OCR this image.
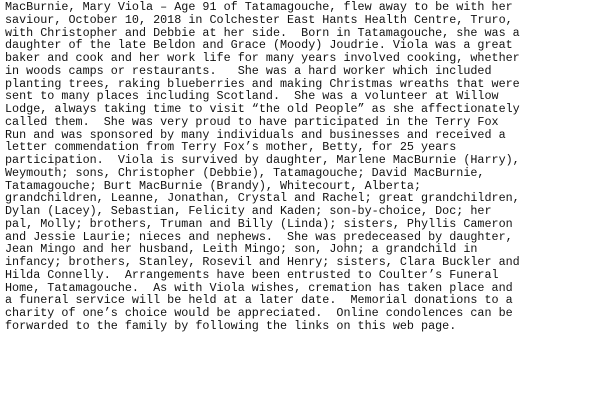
MacBurnie, Mary Viola – Age 91 of Tatamagouche, flew away to be with her
saviour, October 10, 2018 in Colchester East Hants Health Centre, Truro,
with Christopher and Debbie at her side.  Born in Tatamagouche, she was a
daughter of the late Beldon and Grace (Moody) Joudrie. Viola was a great
baker and cook and her work life for many years involved cooking, whether
in woods camps or restaurants.   She was a hard worker which included
planting trees, raking blueberries and making Christmas wreaths that were
sent to many places including Scotland.  She was a volunteer at Willow
Lodge, always taking time to visit “the old People” as she affectionately
called them.  She was very proud to have participated in the Terry Fox
Run and was sponsored by many individuals and businesses and received a
letter commendation from Terry Fox’s mother, Betty, for 25 years
participation.  Viola is survived by daughter, Marlene MacBurnie (Harry),
Weymouth; sons, Christopher (Debbie), Tatamagouche; David MacBurnie,
Tatamagouche; Burt MacBurnie (Brandy), Whitecourt, Alberta;
grandchildren, Leanne, Jonathan, Crystal and Rachel; great grandchildren,
Dylan (Lacey), Sebastian, Felicity and Kaden; son-by-choice, Doc; her
pal, Molly; brothers, Truman and Billy (Linda); sisters, Phyllis Cameron
and Jessie Laurie; nieces and nephews.  She was predeceased by daughter,
Jean Mingo and her husband, Leith Mingo; son, John; a grandchild in
infancy; brothers, Stanley, Rosevil and Henry; sisters, Clara Buckler and
Hilda Connelly.  Arrangements have been entrusted to Coulter’s Funeral
Home, Tatamagouche.  As with Viola wishes, cremation has taken place and
a funeral service will be held at a later date.  Memorial donations to a
charity of one’s choice would be appreciated.  Online condolences can be
forwarded to the family by following the links on this web page.
